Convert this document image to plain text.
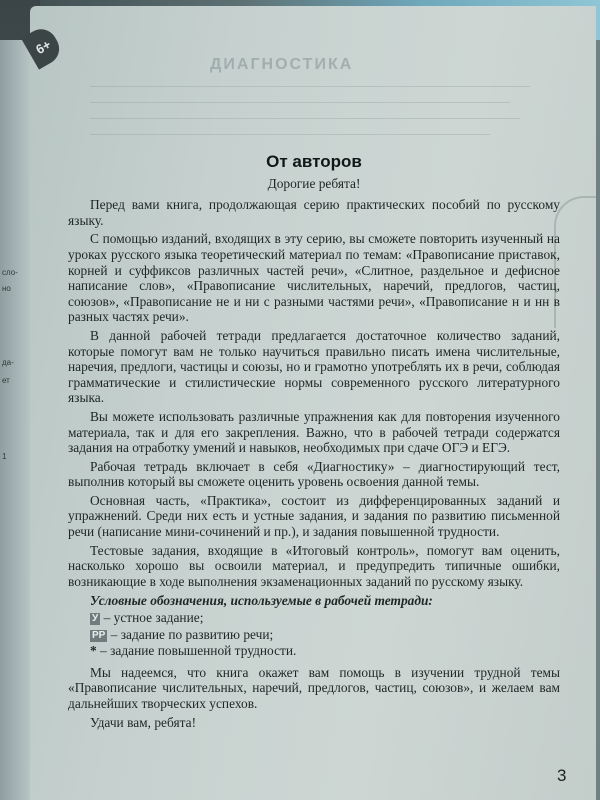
сло-
но
да-
ет
1
6+
ДИАГНОСТИКА
От авторов
Дорогие ребята!

Перед вами книга, продолжающая серию практических пособий по русскому языку.

С помощью изданий, входящих в эту серию, вы сможете повторить изученный на уроках русского языка теоретический материал по темам: «Правописание приставок, корней и суффиксов различных частей речи», «Слитное, раздельное и дефисное написание слов», «Правописание числительных, наречий, предлогов, частиц, союзов», «Правописание не и ни с разными частями речи», «Правописание н и нн в разных частях речи».

В данной рабочей тетради предлагается достаточное количество заданий, которые помогут вам не только научиться правильно писать имена числительные, наречия, предлоги, частицы и союзы, но и грамотно употреблять их в речи, соблюдая грамматические и стилистические нормы современного русского литературного языка.

Вы можете использовать различные упражнения как для повторения изученного материала, так и для его закрепления. Важно, что в рабочей тетради содержатся задания на отработку умений и навыков, необходимых при сдаче ОГЭ и ЕГЭ.

Рабочая тетрадь включает в себя «Диагностику» – диагностирующий тест, выполнив который вы сможете оценить уровень освоения данной темы.

Основная часть, «Практика», состоит из дифференцированных заданий и упражнений. Среди них есть и устные задания, и задания по развитию письменной речи (написание мини-сочинений и пр.), и задания повышенной трудности.

Тестовые задания, входящие в «Итоговый контроль», помогут вам оценить, насколько хорошо вы освоили материал, и предупредить типичные ошибки, возникающие в ходе выполнения экзаменационных заданий по русскому языку.

Условные обозначения, используемые в рабочей тетради:
У – устное задание;
РР – задание по развитию речи;
* – задание повышенной трудности.

Мы надеемся, что книга окажет вам помощь в изучении трудной темы «Правописание числительных, наречий, предлогов, частиц, союзов», и желаем вам дальнейших творческих успехов.

Удачи вам, ребята!

3
